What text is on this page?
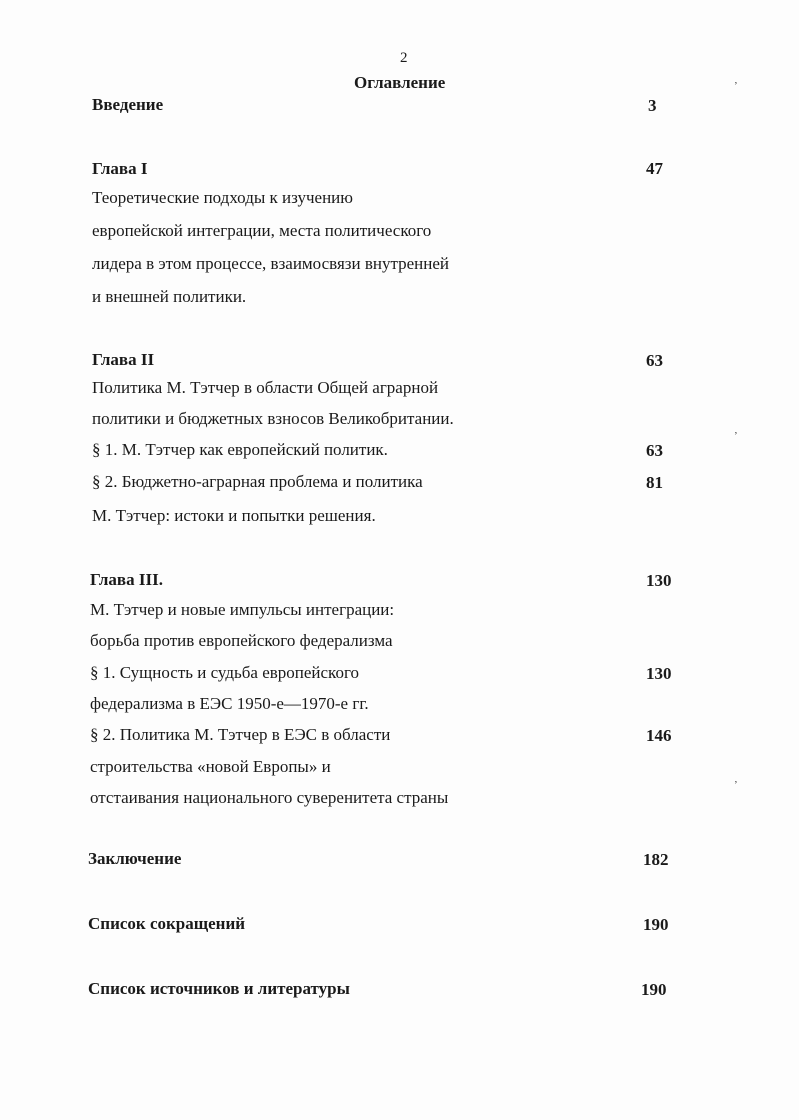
’
’
’
2
Оглавление
Введение	3
Глава I	47
Теоретические подходы к изучению
европейской интеграции, места политического
лидера в этом процессе, взаимосвязи внутренней
и внешней политики.
Глава II	63
Политика М. Тэтчер в области Общей аграрной
политики и бюджетных взносов Великобритании.
§ 1. М. Тэтчер как европейский политик.	63
§ 2. Бюджетно-аграрная проблема и политика	81
М. Тэтчер: истоки и попытки решения.
Глава III.	130
М. Тэтчер и новые импульсы интеграции:
борьба против европейского федерализма
§ 1. Сущность и судьба европейского	130
федерализма в ЕЭС 1950-е—1970-е гг.
§ 2. Политика М. Тэтчер в ЕЭС в области	146
строительства «новой Европы» и
отстаивания национального суверенитета страны
Заключение	182
Список сокращений	190
Список источников и литературы	190
